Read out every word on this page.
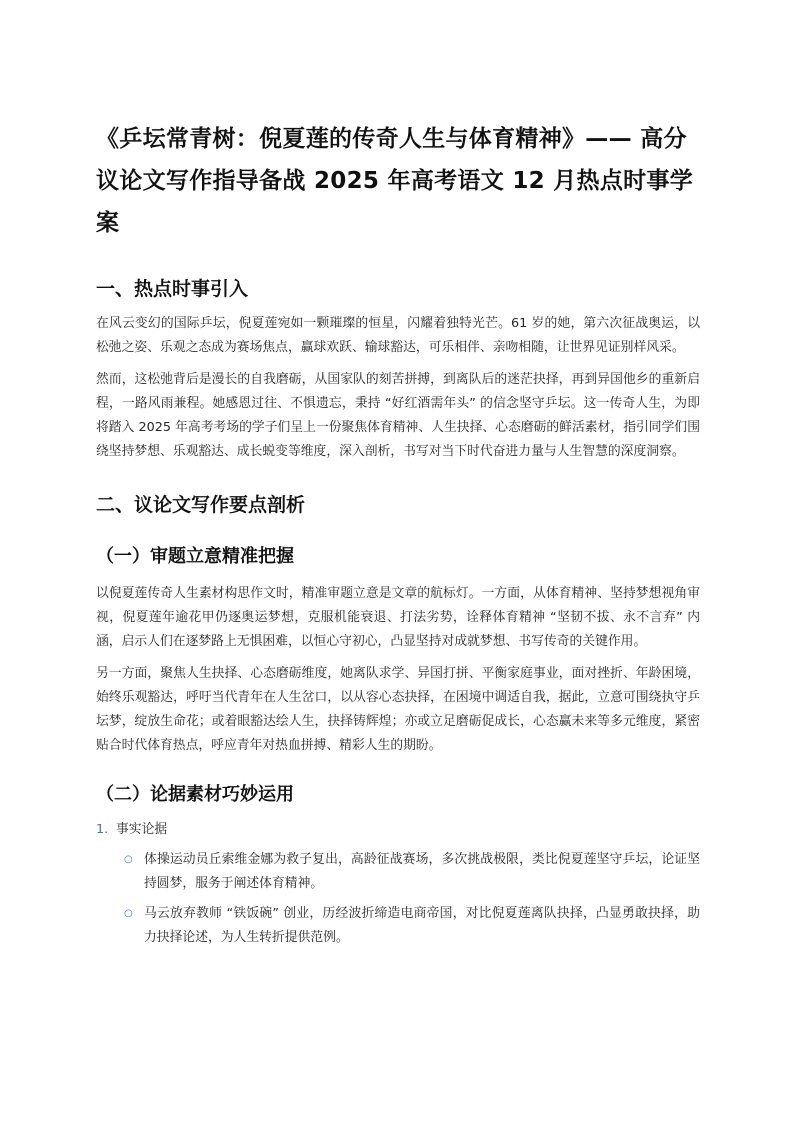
《乒坛常青树：倪夏莲的传奇人生与体育精神》—— 高分议论文写作指导备战 2025 年高考语文 12 月热点时事学案
一、热点时事引入

在风云变幻的国际乒坛，倪夏莲宛如一颗璀璨的恒星，闪耀着独特光芒。61 岁的她，第六次征战奥运，以松弛之姿、乐观之态成为赛场焦点，赢球欢跃、输球豁达，可乐相伴、亲吻相随，让世界见证别样风采。

然而，这松弛背后是漫长的自我磨砺，从国家队的刻苦拼搏，到离队后的迷茫抉择，再到异国他乡的重新启程，一路风雨兼程。她感恩过往、不惧遗忘，秉持 “好红酒需年头” 的信念坚守乒坛。这一传奇人生，为即将踏入 2025 年高考考场的学子们呈上一份聚焦体育精神、人生抉择、心态磨砺的鲜活素材，指引同学们围绕坚持梦想、乐观豁达、成长蜕变等维度，深入剖析，书写对当下时代奋进力量与人生智慧的深度洞察。

二、议论文写作要点剖析
（一）审题立意精准把握

以倪夏莲传奇人生素材构思作文时，精准审题立意是文章的航标灯。一方面，从体育精神、坚持梦想视角审视，倪夏莲年逾花甲仍逐奥运梦想，克服机能衰退、打法劣势，诠释体育精神 “坚韧不拔、永不言弃” 内涵，启示人们在逐梦路上无惧困难，以恒心守初心，凸显坚持对成就梦想、书写传奇的关键作用。

另一方面，聚焦人生抉择、心态磨砺维度，她离队求学、异国打拼、平衡家庭事业，面对挫折、年龄困境，始终乐观豁达，呼吁当代青年在人生岔口，以从容心态抉择，在困境中调适自我，据此，立意可围绕执守乒坛梦，绽放生命花；或着眼豁达绘人生，抉择铸辉煌；亦或立足磨砺促成长，心态赢未来等多元维度，紧密贴合时代体育热点，呼应青年对热血拼搏、精彩人生的期盼。

（二）论据素材巧妙运用
1. 事实论据
○ 体操运动员丘索维金娜为救子复出，高龄征战赛场，多次挑战极限，类比倪夏莲坚守乒坛，论证坚持圆梦，服务于阐述体育精神。
○ 马云放弃教师 “铁饭碗” 创业，历经波折缔造电商帝国，对比倪夏莲离队抉择，凸显勇敢抉择，助力抉择论述，为人生转折提供范例。
